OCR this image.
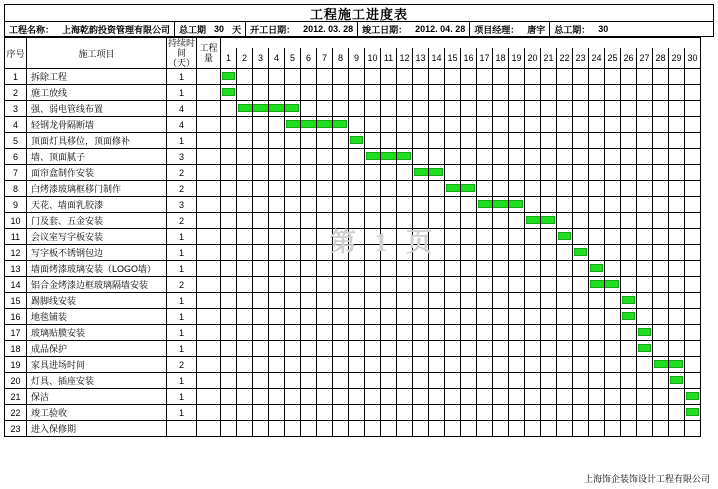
工程施工进度表
工程名称： 上海乾韵投资管理有限公司	总工期 30 天	开工日期： 2012. 03. 28	竣工日期： 2012. 04. 28	项目经理： 唐宇	总工期： 30
序号	施工项目	持续时间（天）	工程量																														
				1	2	3	4	5	6	7	8	9	10	11	12	13	14	15	16	17	18	19	20	21	22	23	24	25	26	27	28	29	30
1	拆除工程	1		

2	施工放线	1		

3	强、弱电管线布置	4			

4	轻钢龙骨隔断墙	4						

5	顶面灯具移位，顶面修补	1										

6	墙、顶面腻子	3											

7	面帘盒制作安装	2														

8	白烤漆玻璃框移门制作	2																

9	天花、墙面乳胶漆	3																		

10	门及套、五金安装	2																					

11	会议室写字板安装	1																							

12	写字板不锈钢包边	1																								

13	墙面烤漆玻璃安装（LOGO墙）	1																									

14	铝合金烤漆边框玻璃隔墙安装	2																									

15	踢脚线安装	1																											

16	地毯铺装	1																											

17	玻璃贴膜安装	1																												

18	成品保护	1																												

19	家具进场时间	2																													

20	灯具、插座安装	1																														

21	保洁	1																															

22	竣工验收	1																															

23	进入保修期																																
第 1 页
上海饰企装饰设计工程有限公司
